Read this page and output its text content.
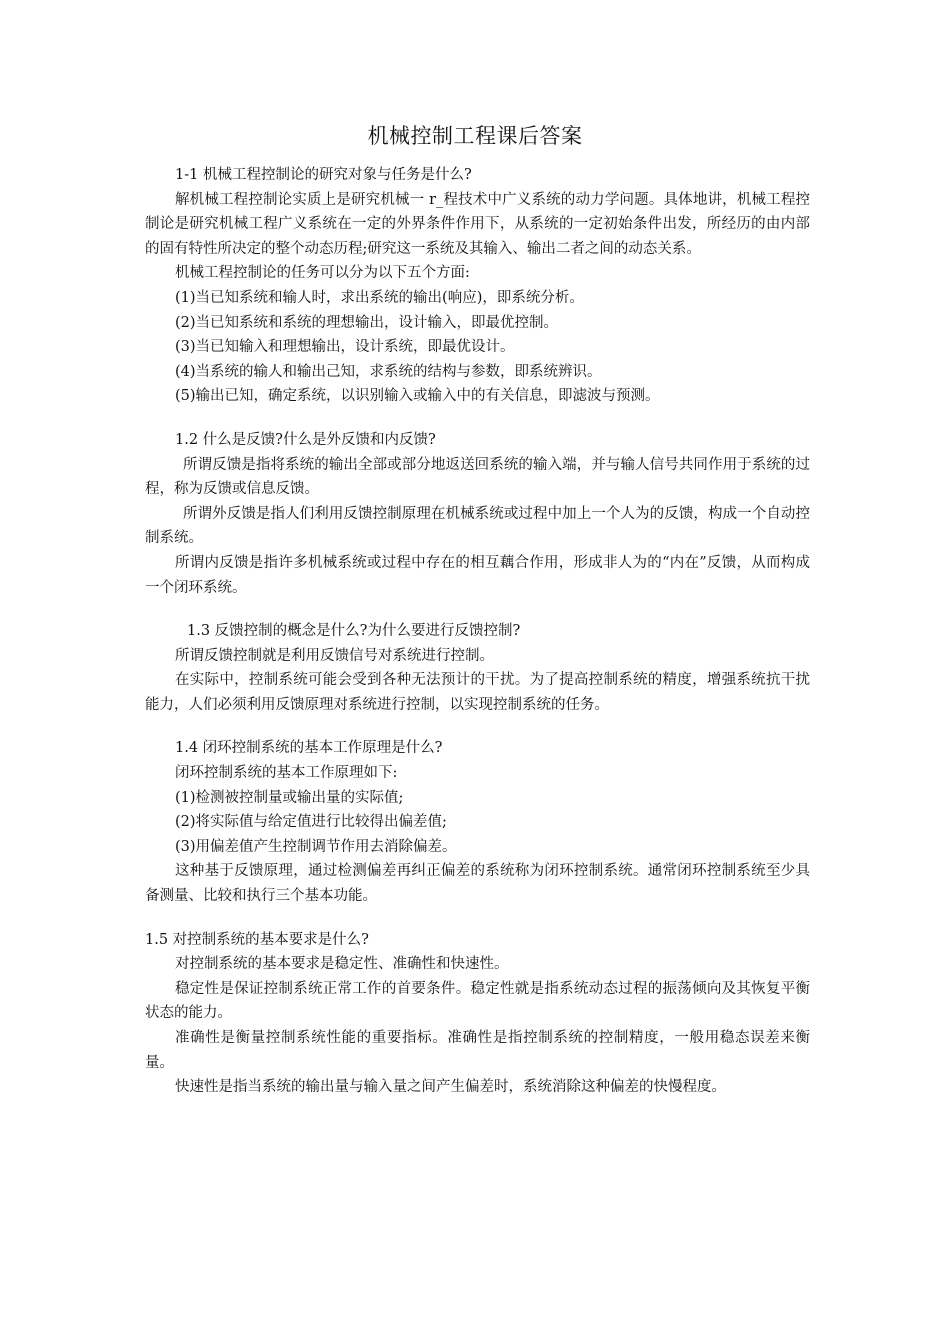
机械控制工程课后答案

1-1 机械工程控制论的研究对象与任务是什么?

解机械工程控制论实质上是研究机械一 r_程技术中广义系统的动力学问题。具体地讲，机械工程控制论是研究机械工程广义系统在一定的外界条件作用下，从系统的一定初始条件出发，所经历的由内部的固有特性所决定的整个动态历程;研究这一系统及其输入、输出二者之间的动态关系。

机械工程控制论的任务可以分为以下五个方面:

(1)当已知系统和输人时，求出系统的输出(响应)，即系统分析。

(2)当已知系统和系统的理想输出，设计输入，即最优控制。

(3)当已知输入和理想输出，设计系统，即最优设计。

(4)当系统的输人和输出己知，求系统的结构与参数，即系统辨识。

(5)输出已知，确定系统，以识别输入或输入中的有关信息，即滤波与预测。

1.2 什么是反馈?什么是外反馈和内反馈?

所谓反馈是指将系统的输出全部或部分地返送回系统的输入端，并与输人信号共同作用于系统的过程，称为反馈或信息反馈。

所谓外反馈是指人们利用反馈控制原理在机械系统或过程中加上一个人为的反馈，构成一个自动控制系统。

所谓内反馈是指许多机械系统或过程中存在的相互藕合作用，形成非人为的“内在”反馈，从而构成一个闭环系统。

1.3 反馈控制的概念是什么?为什么要进行反馈控制?

所谓反馈控制就是利用反馈信号对系统进行控制。

在实际中，控制系统可能会受到各种无法预计的干扰。为了提高控制系统的精度，增强系统抗干扰能力，人们必须利用反馈原理对系统进行控制，以实现控制系统的任务。

1.4 闭环控制系统的基本工作原理是什么?

闭环控制系统的基本工作原理如下:

(1)检测被控制量或输出量的实际值;

(2)将实际值与给定值进行比较得出偏差值;

(3)用偏差值产生控制调节作用去消除偏差。

这种基于反馈原理，通过检测偏差再纠正偏差的系统称为闭环控制系统。通常闭环控制系统至少具备测量、比较和执行三个基本功能。

1.5 对控制系统的基本要求是什么?

对控制系统的基本要求是稳定性、准确性和快速性。

稳定性是保证控制系统正常工作的首要条件。稳定性就是指系统动态过程的振荡倾向及其恢复平衡状态的能力。

准确性是衡量控制系统性能的重要指标。准确性是指控制系统的控制精度，一般用稳态误差来衡量。

快速性是指当系统的输出量与输入量之间产生偏差时，系统消除这种偏差的快慢程度。
